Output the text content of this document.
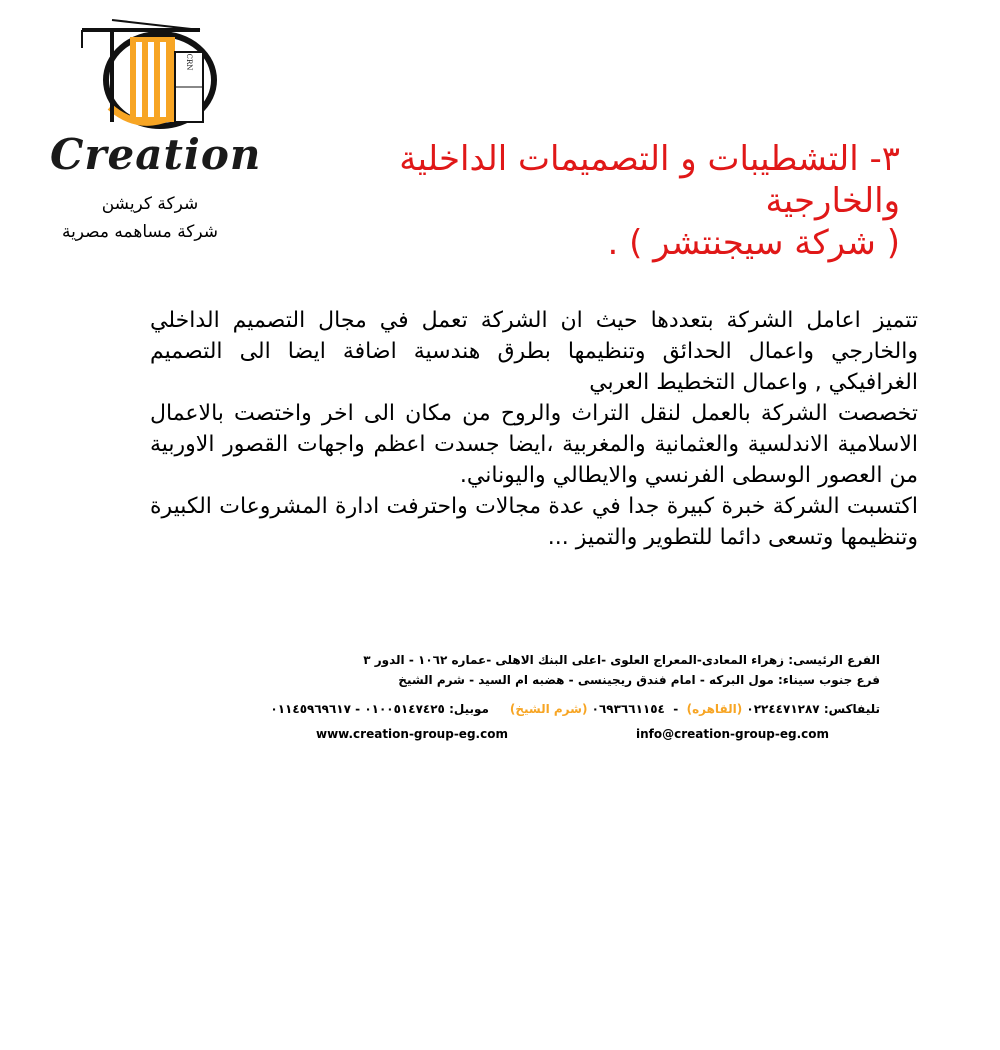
CRN
Creation
شركة كريشن
شركة مساهمه مصرية
٣- التشطيبات و التصميمات الداخلية
والخارجية
( شركة سيجنتشر ) .

تتميز اعامل الشركة بتعددها حيث ان الشركة تعمل في مجال التصميم الداخلي والخارجي واعمال الحدائق وتنظيمها بطرق هندسية اضافة ايضا الى التصميم الغرافيكي , واعمال التخطيط العربي

تخصصت الشركة بالعمل لنقل التراث والروح من مكان الى اخر واختصت بالاعمال الاسلامية الاندلسية والعثمانية والمغربية ،ايضا جسدت اعظم واجهات القصور الاوربية من العصور الوسطى الفرنسي والايطالي واليوناني.

اكتسبت الشركة خبرة كبيرة جدا في عدة مجالات واحترفت ادارة المشروعات الكبيرة وتنظيمها وتسعى دائما للتطوير والتميز ...

الفرع الرئيسى: زهراء المعادى-المعراج العلوى -اعلى البنك الاهلى -عماره ١٠٦٢ - الدور ٣
فرع جنوب سيناء: مول البركه - امام فندق ريجينسى - هضبه ام السيد - شرم الشيخ
تليفاكس: ٠٢٢٤٤٧١٢٨٧ (القاهره)  -  ٠٦٩٣٦٦١١٥٤ (شرم الشيخ)     موبيل: ٠١٠٠٥١٤٧٤٢٥ - ٠١١٤٥٩٦٩٦١٧
www.creation-group-eg.com	info@creation-group-eg.com
